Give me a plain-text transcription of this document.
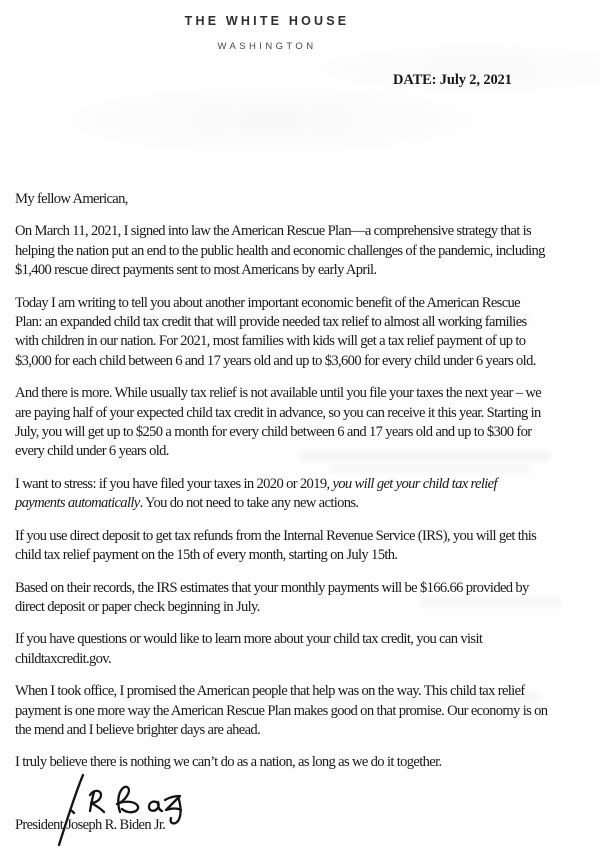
THE WHITE HOUSE
WASHINGTON
DATE: July 2, 2021
My fellow American,
On March 11, 2021, I signed into law the American Rescue Plan—a comprehensive strategy that is
helping the nation put an end to the public health and economic challenges of the pandemic, including
$1,400 rescue direct payments sent to most Americans by early April.
Today I am writing to tell you about another important economic benefit of the American Rescue
Plan: an expanded child tax credit that will provide needed tax relief to almost all working families
with children in our nation. For 2021, most families with kids will get a tax relief payment of up to
$3,000 for each child between 6 and 17 years old and up to $3,600 for every child under 6 years old.
And there is more. While usually tax relief is not available until you file your taxes the next year – we
are paying half of your expected child tax credit in advance, so you can receive it this year. Starting in
July, you will get up to $250 a month for every child between 6 and 17 years old and up to $300 for
every child under 6 years old.
I want to stress: if you have filed your taxes in 2020 or 2019, you will get your child tax relief
payments automatically. You do not need to take any new actions.
If you use direct deposit to get tax refunds from the Internal Revenue Service (IRS), you will get this
child tax relief payment on the 15th of every month, starting on July 15th.
Based on their records, the IRS estimates that your monthly payments will be $166.66 provided by
direct deposit or paper check beginning in July.
If you have questions or would like to learn more about your child tax credit, you can visit
childtaxcredit.gov.
When I took office, I promised the American people that help was on the way. This child tax relief
payment is one more way the American Rescue Plan makes good on that promise. Our economy is on
the mend and I believe brighter days are ahead.
I truly believe there is nothing we can’t do as a nation, as long as we do it together.
President Joseph R. Biden Jr.
